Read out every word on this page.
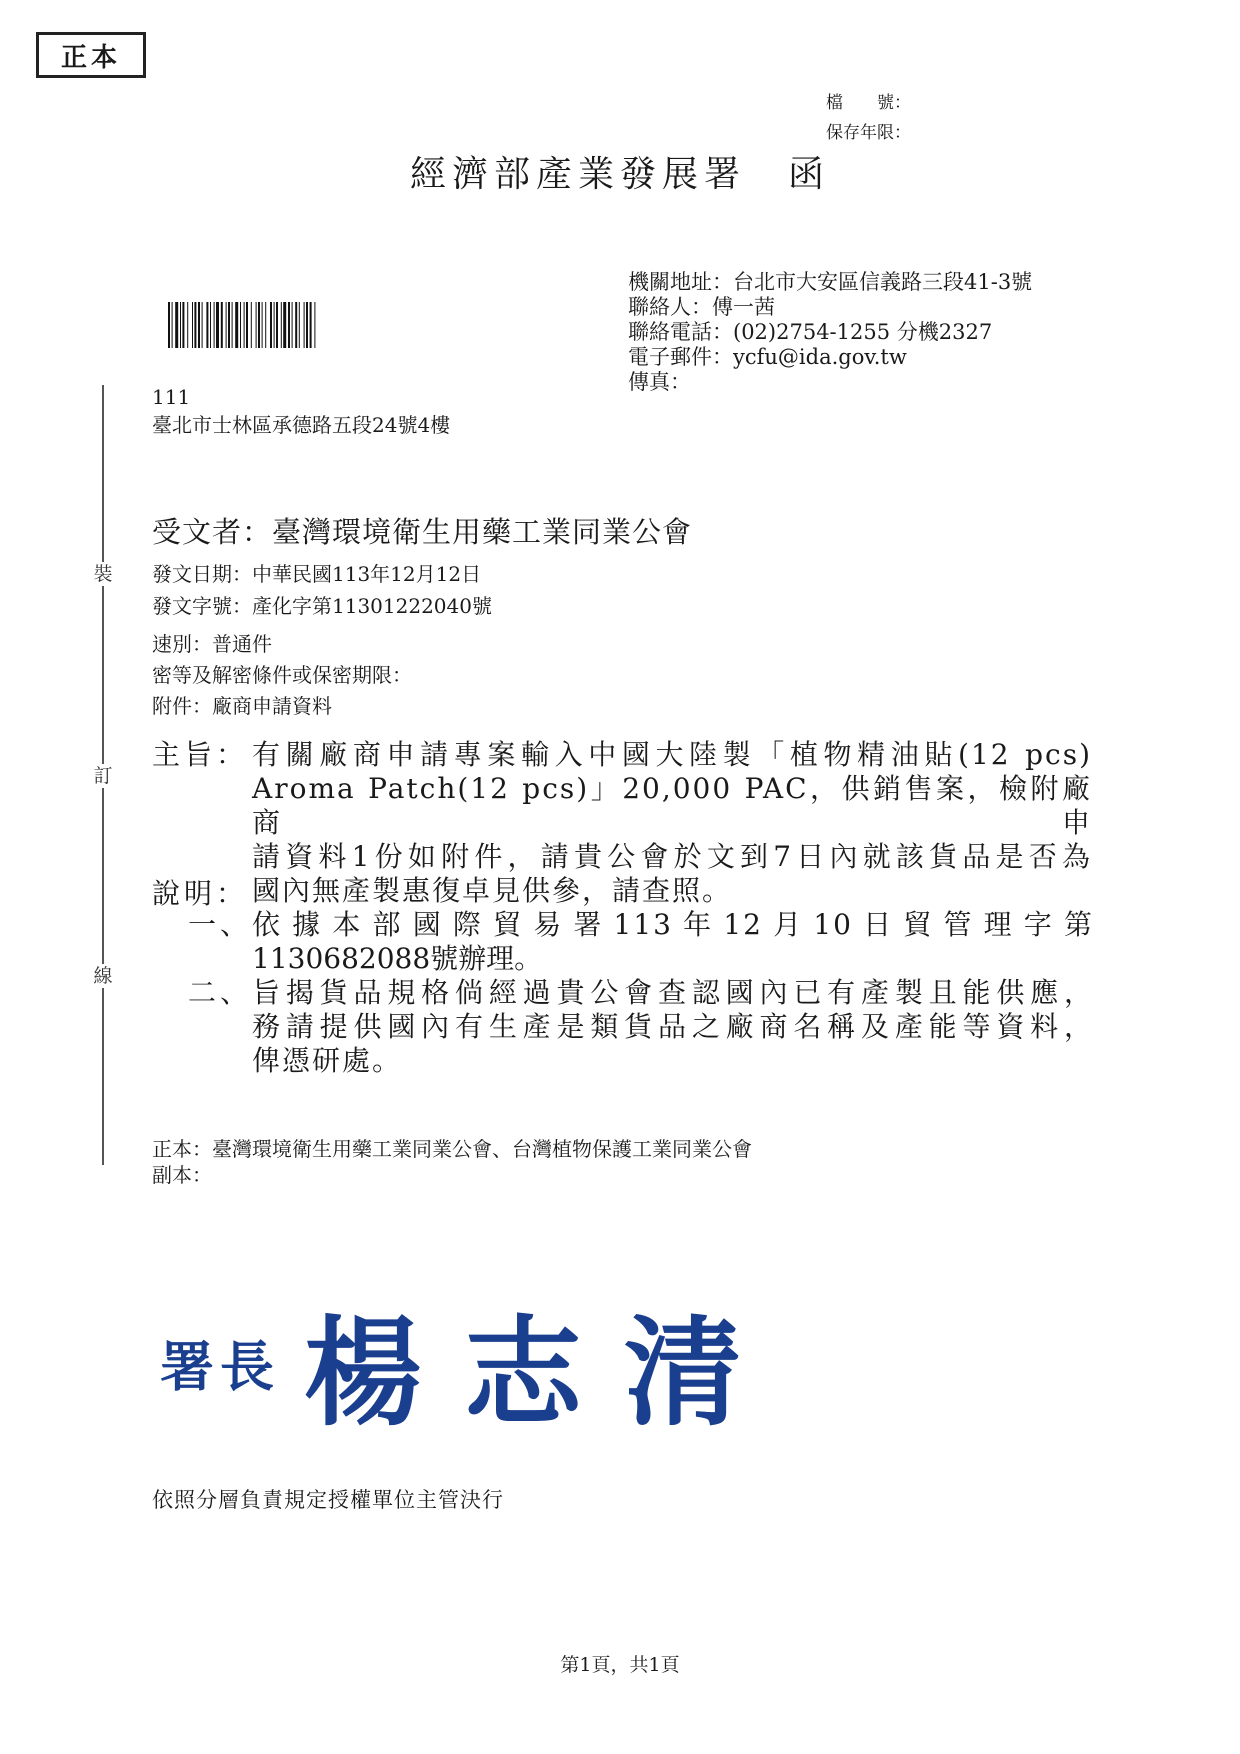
正本
檔　　號：
保存年限：
經濟部產業發展署　函
機關地址：台北市大安區信義路三段41-3號
聯絡人：傅一茜
聯絡電話：(02)2754-1255 分機2327
電子郵件：ycfu@ida.gov.tw
傳真：
111
臺北市士林區承德路五段24號4樓
裝
訂
線
受文者：臺灣環境衛生用藥工業同業公會
發文日期：中華民國113年12月12日
發文字號：產化字第11301222040號
速別：普通件
密等及解密條件或保密期限：
附件：廠商申請資料
主旨： 有關廠商申請專案輸入中國大陸製「植物精油貼(12 pcs)
Aroma Patch(12 pcs)」20,000 PAC，供銷售案，檢附廠商申
請資料1份如附件，請貴公會於文到7日內就該貨品是否為
國內無產製惠復卓見供參，請查照。
說明：
一、 依據本部國際貿易署113年12月10日貿管理字第
1130682088號辦理。
二、 旨揭貨品規格倘經過貴公會查認國內已有產製且能供應，
務請提供國內有生產是類貨品之廠商名稱及產能等資料，
俾憑研處。
正本：臺灣環境衛生用藥工業同業公會、台灣植物保護工業同業公會
副本：
署長 楊志清
依照分層負責規定授權單位主管決行
第1頁，共1頁
